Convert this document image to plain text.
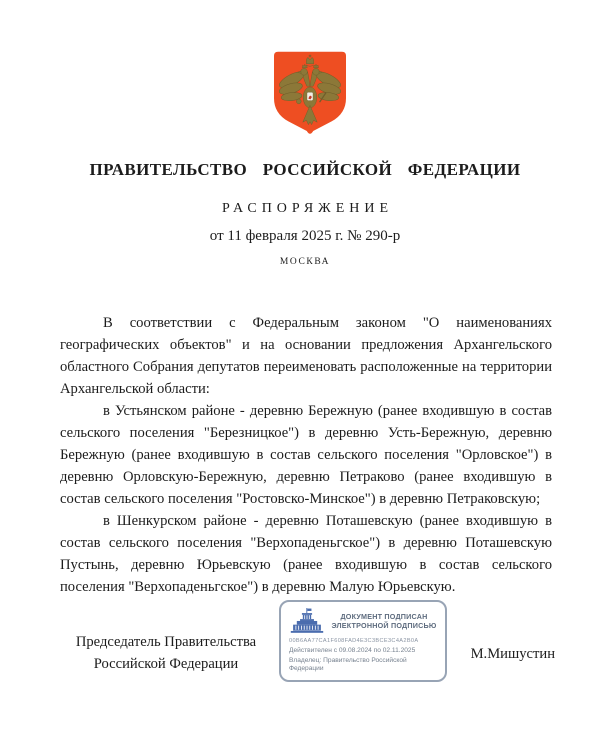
ПРАВИТЕЛЬСТВО РОССИЙСКОЙ ФЕДЕРАЦИИ
РАСПОРЯЖЕНИЕ
от 11 февраля 2025 г. № 290-р
МОСКВА

В соответствии с Федеральным законом "О наименованиях географических объектов" и на основании предложения Архангельского областного Собрания депутатов переименовать расположенные на территории Архангельской области:

в Устьянском районе - деревню Бережную (ранее входившую в состав сельского поселения "Березницкое") в деревню Усть-Бережную, деревню Бережную (ранее входившую в состав сельского поселения "Орловское") в деревню Орловскую-Бережную, деревню Петраково (ранее входившую в состав сельского поселения "Ростовско-Минское") в деревню Петраковскую;

в Шенкурском районе - деревню Поташевскую (ранее входившую в состав сельского поселения "Верхопаденьгское") в деревню Поташевскую Пустынь, деревню Юрьевскую (ранее входившую в состав сельского поселения "Верхопаденьгское") в деревню Малую Юрьевскую.

Председатель Правительства
Российской Федерации
М.Мишустин
ДОКУМЕНТ ПОДПИСАН
ЭЛЕКТРОННОЙ ПОДПИСЬЮ
00B6AA77CA1F608FAD4E3C3BCE3C4A2B0A
Действителен с 09.08.2024 по 02.11.2025
Владелец: Правительство Российской Федерации
